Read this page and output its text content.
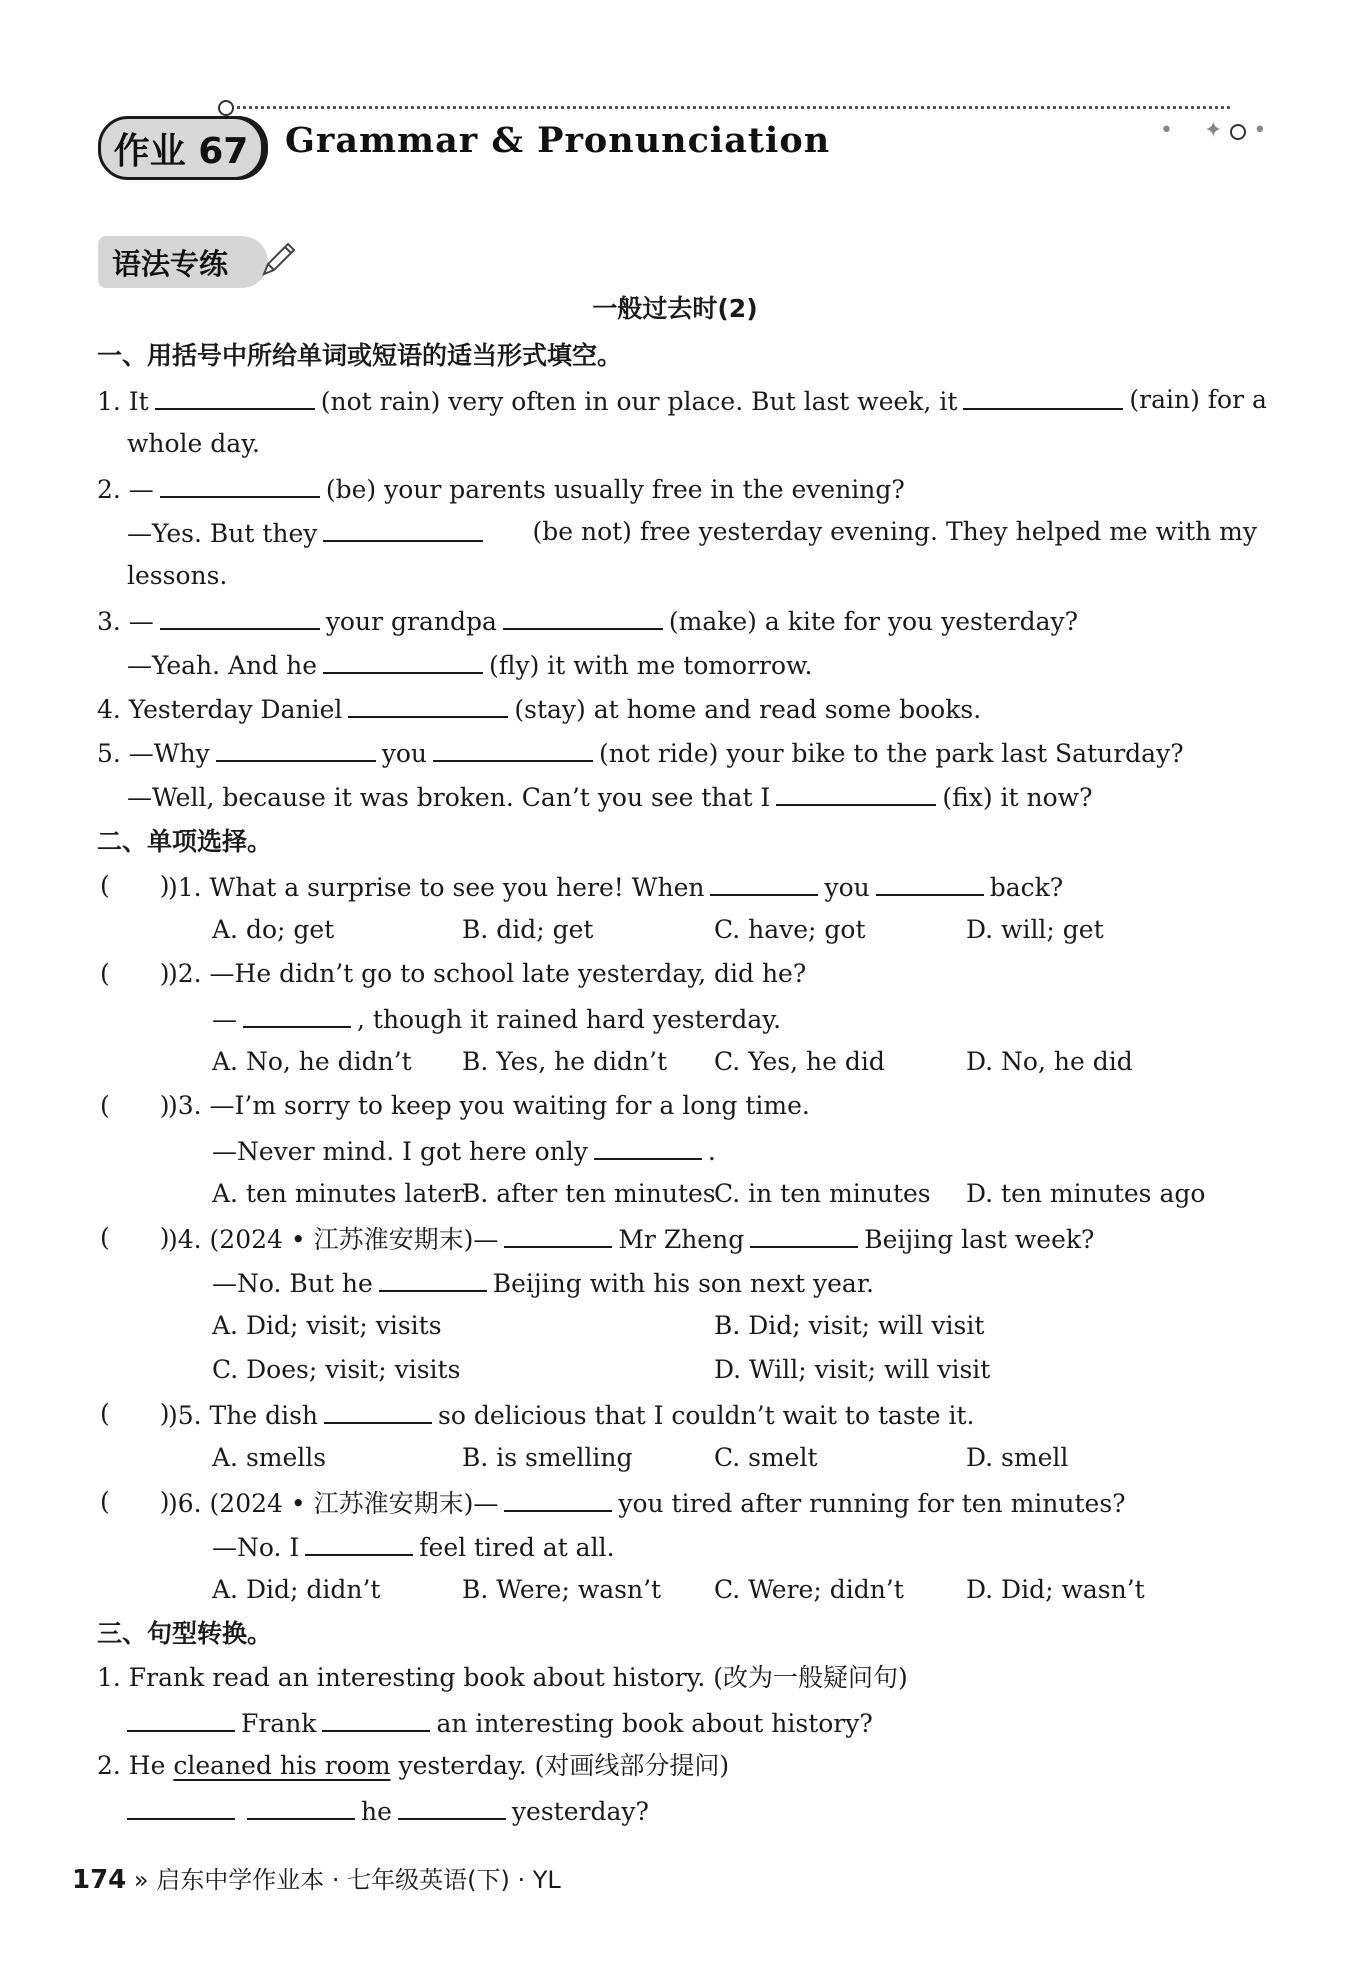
• ✦ •
作业 67	Grammar & Pronunciation
语法专练
一般过去时(2)
一、用括号中所给单词或短语的适当形式填空。
1. It	(not rain) very often in our place. But last week, it	(rain) for a
whole day.
2. —	(be) your parents usually free in the evening?
—Yes. But they	(be not) free yesterday evening. They helped me with my
lessons.
3. —	your grandpa	(make) a kite for you yesterday?
—Yeah. And he	(fly) it with me tomorrow.
4. Yesterday Daniel	(stay) at home and read some books.
5. —Why	you	(not ride) your bike to the park last Saturday?
—Well, because it was broken. Can’t you see that I	(fix) it now?
二、单项选择。
(　　)
)1. What a surprise to see you here! When	you	back?
A. do; get	B. did; get	C. have; got	D. will; get
(　　)
)2. —He didn’t go to school late yesterday, did he?
—	, though it rained hard yesterday.
A. No, he didn’t B. Yes, he didn’t C. Yes, he did	D. No, he did
(　　)
)3. —I’m sorry to keep you waiting for a long time.
—Never mind. I got here only	.
A. ten minutes later
B. after ten minutes
C. in ten minutes D. ten minutes ago
(　　)
)4. (2024 • 江苏淮安期末)—	Mr Zheng	Beijing last week?
—No. But he	Beijing with his son next year.
A. Did; visit; visits	B. Did; visit; will visit
C. Does; visit; visits	D. Will; visit; will visit
(　　)
)5. The dish	so delicious that I couldn’t wait to taste it.
A. smells	B. is smelling	C. smelt	D. smell
(　　)
)6. (2024 • 江苏淮安期末)—	you tired after running for ten minutes?
—No. I	feel tired at all.
A. Did; didn’t	B. Were; wasn’t C. Were; didn’t D. Did; wasn’t
三、句型转换。
1. Frank read an interesting book about history. (改为一般疑问句)
Frank	an interesting book about history?
2. He cleaned his room yesterday. (对画线部分提问)
he	yesterday?
174 » 启东中学作业本 · 七年级英语(下) · YL
